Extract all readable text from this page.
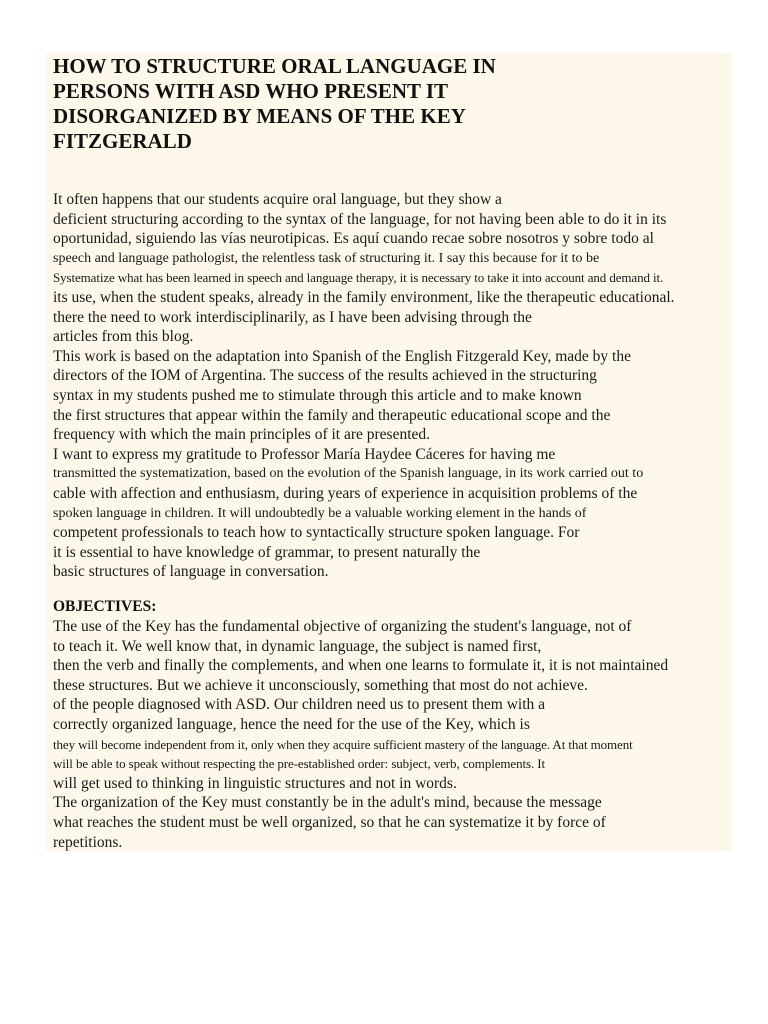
HOW TO STRUCTURE ORAL LANGUAGE IN
PERSONS WITH ASD WHO PRESENT IT
DISORGANIZED BY MEANS OF THE KEY
FITZGERALD
It often happens that our students acquire oral language, but they show a
deficient structuring according to the syntax of the language, for not having been able to do it in its
oportunidad, siguiendo las vías neurotipicas. Es aquí cuando recae sobre nosotros y sobre todo al
speech and language pathologist, the relentless task of structuring it. I say this because for it to be
Systematize what has been learned in speech and language therapy, it is necessary to take it into account and demand it.
its use, when the student speaks, already in the family environment, like the therapeutic educational.
there the need to work interdisciplinarily, as I have been advising through the
articles from this blog.
This work is based on the adaptation into Spanish of the English Fitzgerald Key, made by the
directors of the IOM of Argentina. The success of the results achieved in the structuring
syntax in my students pushed me to stimulate through this article and to make known
the first structures that appear within the family and therapeutic educational scope and the
frequency with which the main principles of it are presented.
I want to express my gratitude to Professor María Haydee Cáceres for having me
transmitted the systematization, based on the evolution of the Spanish language, in its work carried out to
cable with affection and enthusiasm, during years of experience in acquisition problems of the
spoken language in children. It will undoubtedly be a valuable working element in the hands of
competent professionals to teach how to syntactically structure spoken language. For
it is essential to have knowledge of grammar, to present naturally the
basic structures of language in conversation.
OBJECTIVES:
The use of the Key has the fundamental objective of organizing the student's language, not of
to teach it. We well know that, in dynamic language, the subject is named first,
then the verb and finally the complements, and when one learns to formulate it, it is not maintained
these structures. But we achieve it unconsciously, something that most do not achieve.
of the people diagnosed with ASD. Our children need us to present them with a
correctly organized language, hence the need for the use of the Key, which is
they will become independent from it, only when they acquire sufficient mastery of the language. At that moment
will be able to speak without respecting the pre-established order: subject, verb, complements. It
will get used to thinking in linguistic structures and not in words.
The organization of the Key must constantly be in the adult's mind, because the message
what reaches the student must be well organized, so that he can systematize it by force of
repetitions.
